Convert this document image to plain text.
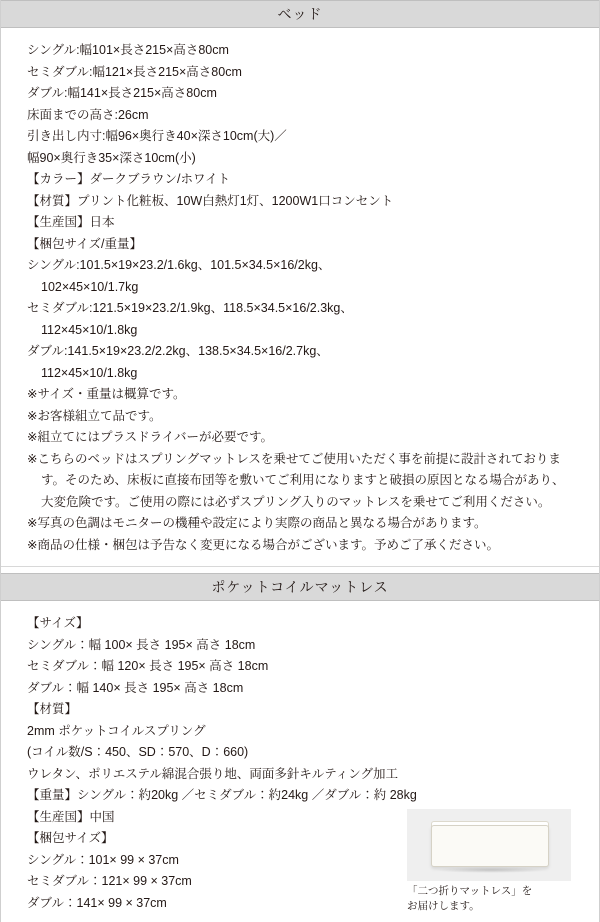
ベッド

シングル:幅101×長さ215×高さ80cm

セミダブル:幅121×長さ215×高さ80cm

ダブル:幅141×長さ215×高さ80cm

床面までの高さ:26cm

引き出し内寸:幅96×奥行き40×深さ10cm(大)／

幅90×奥行き35×深さ10cm(小)

【カラー】ダークブラウン/ホワイト

【材質】プリント化粧板、10W白熱灯1灯、1200W1口コンセント

【生産国】日本

【梱包サイズ/重量】

シングル:101.5×19×23.2/1.6kg、101.5×34.5×16/2kg、

102×45×10/1.7kg

セミダブル:121.5×19×23.2/1.9kg、118.5×34.5×16/2.3kg、

112×45×10/1.8kg

ダブル:141.5×19×23.2/2.2kg、138.5×34.5×16/2.7kg、

112×45×10/1.8kg

※サイズ・重量は概算です。

※お客様組立て品です。

※組立てにはプラスドライバーが必要です。

※こちらのベッドはスプリングマットレスを乗せてご使用いただく事を前提に設計されております。そのため、床板に直接布団等を敷いてご利用になりますと破損の原因となる場合があり、大変危険です。ご使用の際には必ずスプリング入りのマットレスを乗せてご利用ください。

※写真の色調はモニターの機種や設定により実際の商品と異なる場合があります。

※商品の仕様・梱包は予告なく変更になる場合がございます。予めご了承ください。

ポケットコイルマットレス

【サイズ】

シングル：幅 100× 長さ 195× 高さ 18cm

セミダブル：幅 120× 長さ 195× 高さ 18cm

ダブル：幅 140× 長さ 195× 高さ 18cm

【材質】

2mm ポケットコイルスプリング

(コイル数/S：450、SD：570、D：660)

ウレタン、ポリエステル綿混合張り地、両面多針キルティング加工

【重量】シングル：約20kg ／セミダブル：約24kg ／ダブル：約 28kg

【生産国】中国

【梱包サイズ】

シングル：101× 99 × 37cm

セミダブル：121× 99 × 37cm

ダブル：141× 99 × 37cm

「二つ折りマットレス」を
お届けします。
